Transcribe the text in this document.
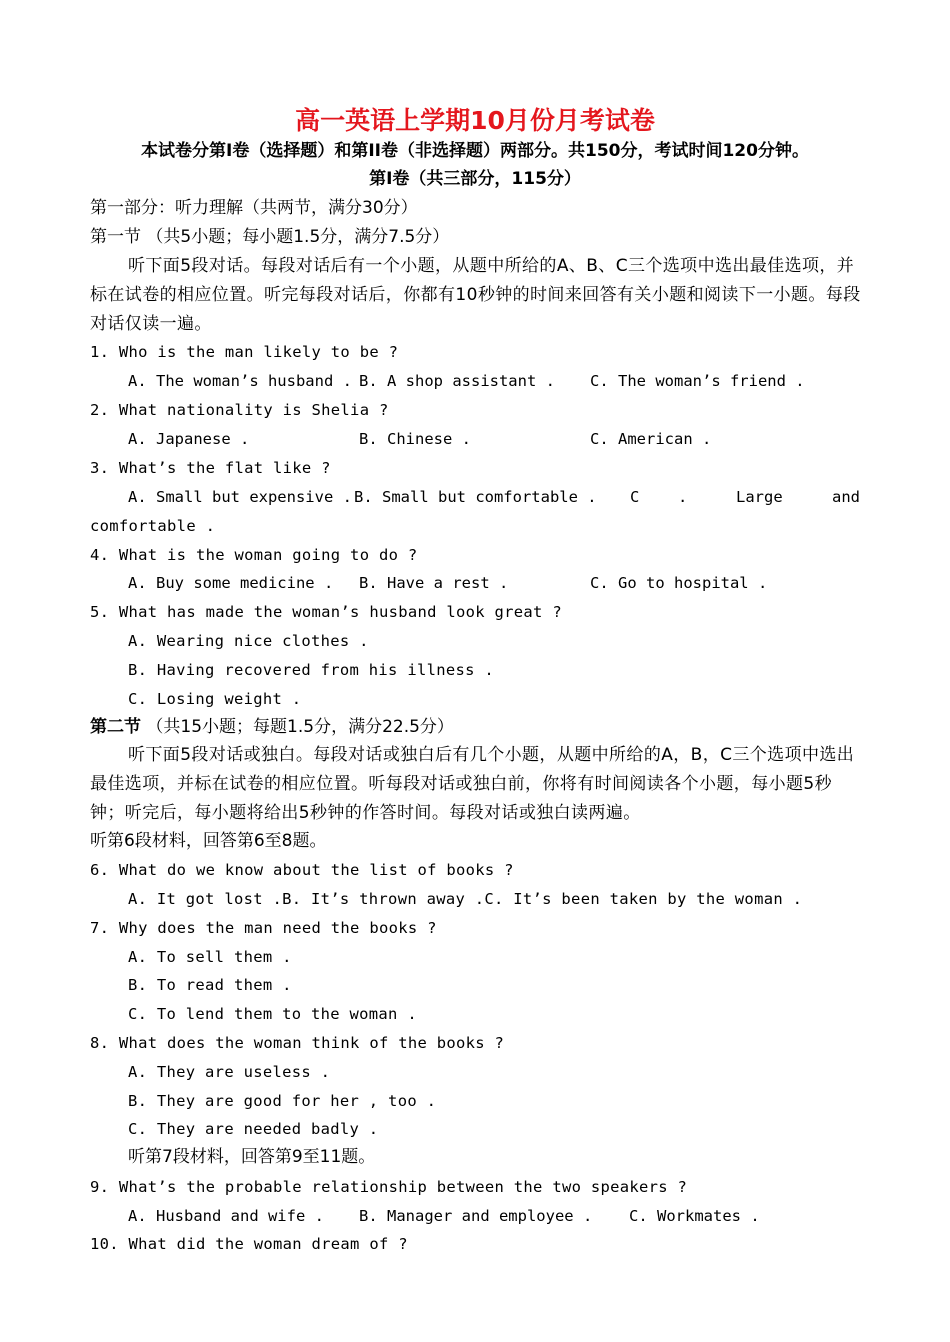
高一英语上学期10月份月考试卷
本试卷分第Ⅰ卷（选择题）和第II卷（非选择题）两部分。共150分，考试时间120分钟。
第Ⅰ卷（共三部分，115分）
第一部分：听力理解（共两节，满分30分）
第一节 （共5小题；每小题1.5分，满分7.5分）
听下面5段对话。每段对话后有一个小题，从题中所给的A、B、C三个选项中选出最佳选项，并标在试卷的相应位置。听完每段对话后，你都有10秒钟的时间来回答有关小题和阅读下一小题。每段对话仅读一遍。
1. Who is the man likely to be ?

A. The woman’s husband .

B. A shop assistant .

C. The woman’s friend .

2. What nationality is Shelia ?

A. Japanese .

	B. Chinese .

	C. American .

3. What’s the flat like ?

A. Small but expensive .

B. Small but comfortable .

C

.

	Large

	and

comfortable .
4. What is the woman going to do ?

A. Buy some medicine .

B. Have a rest .

	C. Go to hospital .

5. What has made the woman’s husband look great ?
A. Wearing nice clothes .
B. Having recovered from his illness .
C. Losing weight .
第二节 （共15小题；每题1.5分，满分22.5分）
听下面5段对话或独白。每段对话或独白后有几个小题，从题中所给的A，B，C三个选项中选出最佳选项，并标在试卷的相应位置。听每段对话或独白前，你将有时间阅读各个小题，每小题5秒钟；听完后，每小题将给出5秒钟的作答时间。每段对话或独白读两遍。
听第6段材料，回答第6至8题。
6. What do we know about the list of books ?
A. It got lost .B. It’s thrown away .C. It’s been taken by the woman .
7. Why does the man need the books ?
A. To sell them .
B. To read them .
C. To lend them to the woman .
8. What does the woman think of the books ?
A. They are useless .
B. They are good for her , too .
C. They are needed badly .
听第7段材料，回答第9至11题。
9. What’s the probable relationship between the two speakers ?

A. Husband and wife .

B. Manager and employee .

C. Workmates .

10. What did the woman dream of ?
